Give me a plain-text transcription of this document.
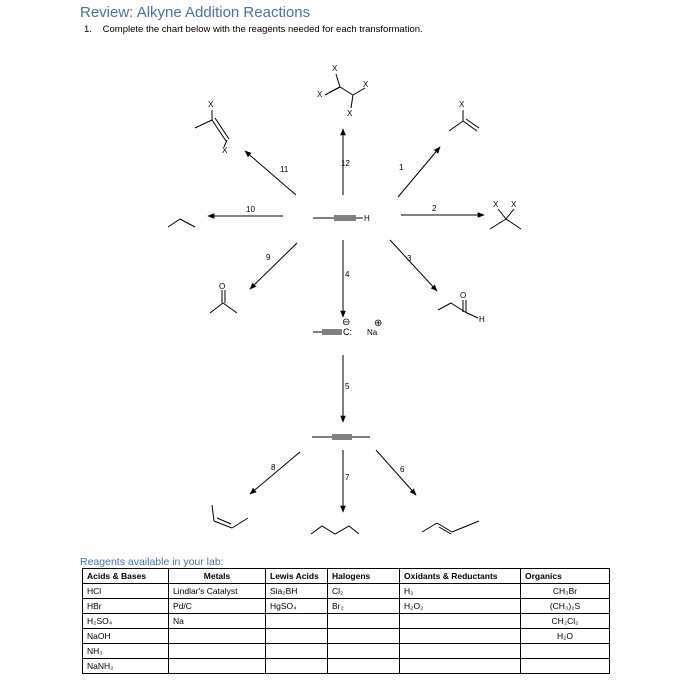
Review: Alkyne Addition Reactions
1. Complete the chart below with the reagents needed for each transformation.
1
2
3
4
5
6
7
8
9
10
11
12
H
X
X
X
X
X
X
X
X X
O
O
H
C:
⊖
Na
⊕
Reagents available in your lab:
Acids & Bases	Metals	Lewis Acids	Halogens	Oxidants & Reductants	Organics
HCl	Lindlar's Catalyst	Sia₂BH	Cl₂	H₂	CH₃Br
HBr	Pd/C	HgSO₄	Br₂	H₂O₂	(CH₃)₂S
H₂SO₄	Na				CH₂Cl₂
NaOH					H₂O
NH₃					
NaNH₂					
